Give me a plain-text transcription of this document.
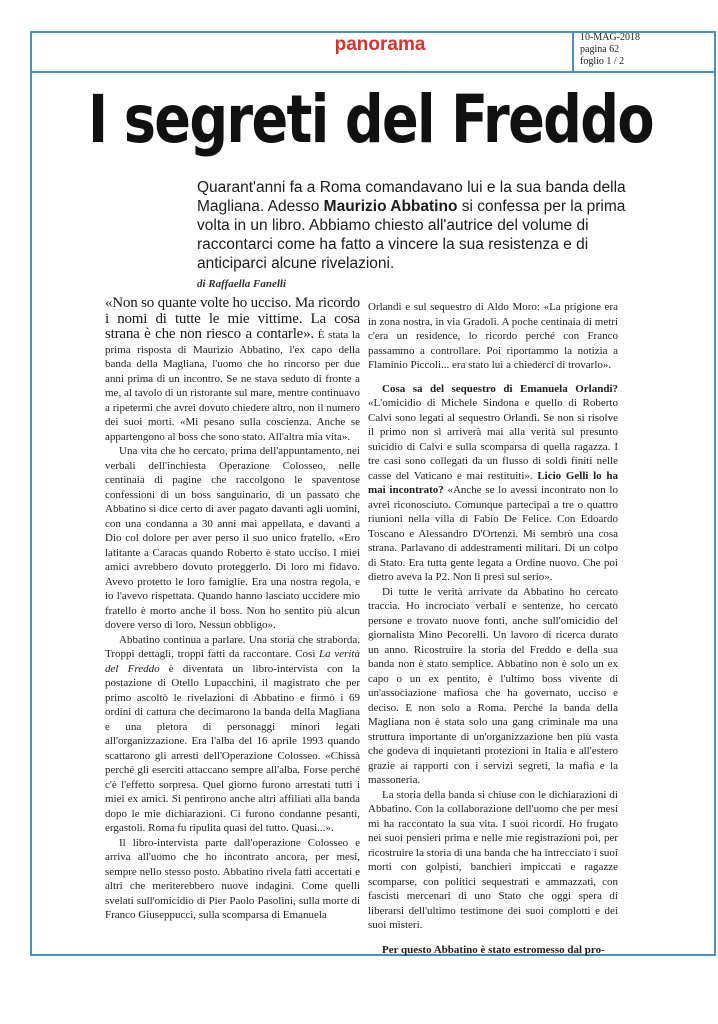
panorama	10-MAG-2018
pagina 62
foglio 1 / 2
I segreti del Freddo
Quarant'anni fa a Roma comandavano lui e la sua banda della Magliana. Adesso Maurizio Abbatino si confessa per la prima volta in un libro. Abbiamo chiesto all'autrice del volume di raccontarci come ha fatto a vincere la sua resistenza e di anticiparci alcune rivelazioni.
di Raffaella Fanelli

«Non so quante volte ho ucciso. Ma ricordo i nomi di tutte le mie vittime. La cosa strana è che non riesco a contarle». È stata la prima risposta di Maurizio Abbatino, l'ex capo della banda della Magliana, l'uomo che ho rincorso per due anni prima di un incontro. Se ne stava seduto di fronte a me, al tavolo di un ristorante sul mare, mentre continuavo a ripetermi che avrei dovuto chiedere altro, non il numero dei suoi morti. «Mi pesano sulla coscienza. Anche se appartengono al boss che sono stato. All'altra mia vita».

Una vita che ho cercato, prima dell'appuntamento, nei verbali dell'inchiesta Operazione Colosseo, nelle centinaia di pagine che raccolgono le spaventose confessioni di un boss sanguinario, di un passato che Abbatino si dice certo di aver pagato davanti agli uomini, con una condanna a 30 anni mai appellata, e davanti a Dio col dolore per aver perso il suo unico fratello. «Ero latitante a Caracas quando Roberto è stato ucciso. I miei amici avrebbero dovuto proteggerlo. Di loro mi fidavo. Avevo protetto le loro famiglie. Era una nostra regola, e io l'avevo rispettata. Quando hanno lasciato uccidere mio fratello è morto anche il boss. Non ho sentito più alcun dovere verso di loro. Nessun obbligo».

Abbatino continua a parlare. Una storia che straborda. Troppi dettagli, troppi fatti da raccontare. Così La verità del Freddo è diventata un libro-intervista con la postazione di Otello Lupacchini, il magistrato che per primo ascoltò le rivelazioni di Abbatino e firmò i 69 ordini di cattura che decimarono la banda della Magliana e una pletora di personaggi minori legati all'organizzazione. Era l'alba del 16 aprile 1993 quando scattarono gli arresti dell'Operazione Colosseo. «Chissà perché gli eserciti attaccano sempre all'alba. Forse perché c'è l'effetto sorpresa. Quel giorno furono arrestati tutti i miei ex amici. Si pentirono anche altri affiliati alla banda dopo le mie dichiarazioni. Ci furono condanne pesanti, ergastoli. Roma fu ripulita quasi del tutto. Quasi...».

Il libro-intervista parte dall'operazione Colosseo e arriva all'uomo che ho incontrato ancora, per mesi, sempre nello stesso posto. Abbatino rivela fatti accertati e altri che meriterebbero nuove indagini. Come quelli svelati sull'omicidio di Pier Paolo Pasolini, sulla morte di Franco Giuseppucci, sulla scomparsa di Emanuela

Orlandi e sul sequestro di Aldo Moro: «La prigione era in zona nostra, in via Gradoli. A poche centinaia di metri c'era un residence, lo ricordo perché con Franco passammo a controllare. Poi riportammo la notizia a Flaminio Piccoli... era stato lui a chiederci di trovarlo».

Cosa sa del sequestro di Emanuela Orlandi? «L'omicidio di Michele Sindona e quello di Roberto Calvi sono legati al sequestro Orlandi. Se non si risolve il primo non si arriverà mai alla verità sul presunto suicidio di Calvi e sulla scomparsa di quella ragazza. I tre casi sono collegati da un flusso di soldi finiti nelle casse del Vaticano e mai restituiti». Licio Gelli lo ha mai incontrato? «Anche se lo avessi incontrato non lo avrei riconosciuto. Comunque partecipai a tre o quattro riunioni nella villa di Fabio De Felice. Con Edoardo Toscano e Alessandro D'Ortenzi. Mi sembrò una cosa strana. Parlavano di addestramenti militari. Di un colpo di Stato. Era tutta gente legata a Ordine nuovo. Che poi dietro aveva la P2. Non li presi sul serio».

Di tutte le verità arrivate da Abbatino ho cercato traccia. Ho incrociato verbali e sentenze, ho cercato persone e trovato nuove fonti, anche sull'omicidio del giornalista Mino Pecorelli. Un lavoro di ricerca durato un anno. Ricostruire la storia del Freddo e della sua banda non è stato semplice. Abbatino non è solo un ex capo o un ex pentito, è l'ultimo boss vivente di un'associazione mafiosa che ha governato, ucciso e deciso. E non solo a Roma. Perché la banda della Magliana non è stata solo una gang criminale ma una struttura importante di un'organizzazione ben più vasta che godeva di inquietanti protezioni in Italia e all'estero grazie ai rapporti con i servizi segreti, la mafia e la massoneria.

La storia della banda si chiuse con le dichiarazioni di Abbatino. Con la collaborazione dell'uomo che per mesi mi ha raccontato la sua vita. I suoi ricordi. Ho frugato nei suoi pensieri prima e nelle mie registrazioni poi, per ricostruire la storia di una banda che ha intrecciato i suoi morti con golpisti, banchieri impiccati e ragazze scomparse, con politici sequestrati e ammazzati, con fascisti mercenari di uno Stato che oggi spera di liberarsi dell'ultimo testimone dei suoi complotti e dei suoi misteri.

Per questo Abbatino è stato estromesso dal pro-
